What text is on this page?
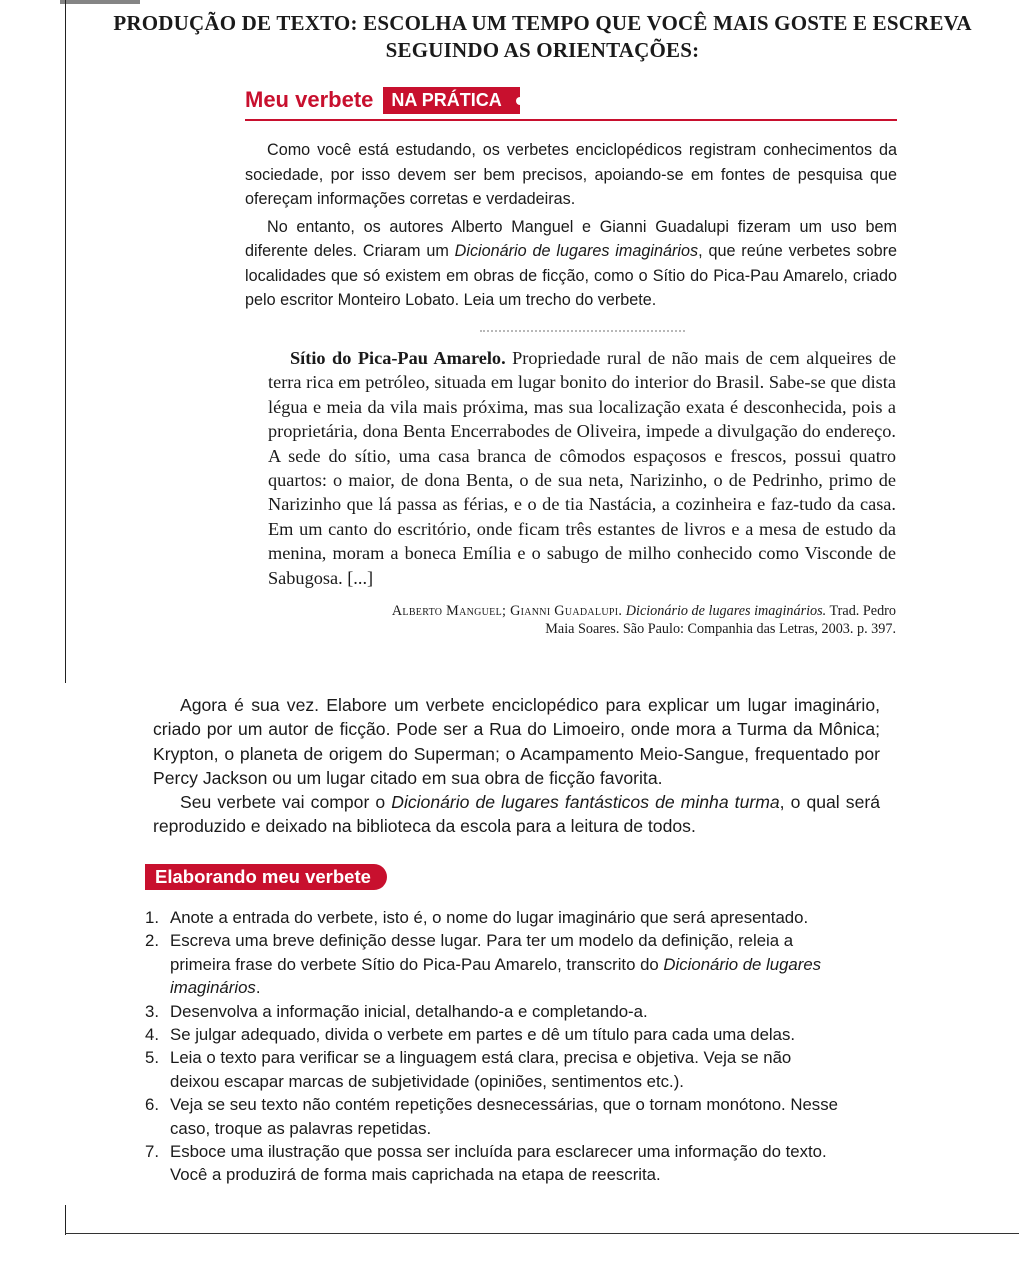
PRODUÇÃO DE TEXTO: ESCOLHA UM TEMPO QUE VOCÊ MAIS GOSTE E ESCREVA
SEGUINDO AS ORIENTAÇÕES:
Meu verbete	NA PRÁTICA

Como você está estudando, os verbetes enciclopédicos registram conhecimentos da sociedade, por isso devem ser bem precisos, apoiando-se em fontes de pesquisa que ofereçam informações corretas e verdadeiras.

No entanto, os autores Alberto Manguel e Gianni Guadalupi fizeram um uso bem diferente deles. Criaram um Dicionário de lugares imaginários, que reúne verbetes sobre localidades que só existem em obras de ficção, como o Sítio do Pica-Pau Amarelo, criado pelo escritor Monteiro Lobato. Leia um trecho do verbete.

Sítio do Pica-Pau Amarelo. Propriedade rural de não mais de cem alqueires de terra rica em petróleo, situada em lugar bonito do interior do Brasil. Sabe-se que dista légua e meia da vila mais próxima, mas sua localização exata é desconhecida, pois a proprietária, dona Benta Encerrabodes de Oliveira, impede a divulgação do endereço. A sede do sítio, uma casa branca de cômodos espaçosos e frescos, possui quatro quartos: o maior, de dona Benta, o de sua neta, Narizinho, o de Pedrinho, primo de Narizinho que lá passa as férias, e o de tia Nastácia, a cozinheira e faz-tudo da casa. Em um canto do escritório, onde ficam três estantes de livros e a mesa de estudo da menina, moram a boneca Emília e o sabugo de milho conhecido como Visconde de Sabugosa. [...]

Alberto Manguel; Gianni Guadalupi. Dicionário de lugares imaginários. Trad. Pedro
Maia Soares. São Paulo: Companhia das Letras, 2003. p. 397.

Agora é sua vez. Elabore um verbete enciclopédico para explicar um lugar imaginário, criado por um autor de ficção. Pode ser a Rua do Limoeiro, onde mora a Turma da Mônica; Krypton, o planeta de origem do Superman; o Acampamento Meio-Sangue, frequentado por Percy Jackson ou um lugar citado em sua obra de ficção favorita.

Seu verbete vai compor o Dicionário de lugares fantásticos de minha turma, o qual será reproduzido e deixado na biblioteca da escola para a leitura de todos.

Elaborando meu verbete
1 . Anote a entrada do verbete, isto é, o nome do lugar imaginário que será apresentado.
2 . Escreva uma breve definição desse lugar. Para ter um modelo da definição, releia a primeira frase do verbete Sítio do Pica-Pau Amarelo, transcrito do Dicionário de lugares imaginários.
3 . Desenvolva a informação inicial, detalhando-a e completando-a.
4 . Se julgar adequado, divida o verbete em partes e dê um título para cada uma delas.
5 . Leia o texto para verificar se a linguagem está clara, precisa e objetiva. Veja se não deixou escapar marcas de subjetividade (opiniões, sentimentos etc.).
6 . Veja se seu texto não contém repetições desnecessárias, que o tornam monótono. Nesse caso, troque as palavras repetidas.
7 . Esboce uma ilustração que possa ser incluída para esclarecer uma informação do texto. Você a produzirá de forma mais caprichada na etapa de reescrita.
